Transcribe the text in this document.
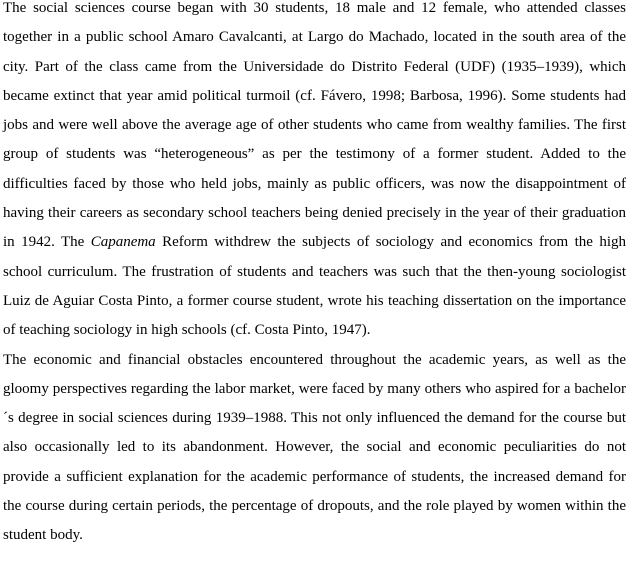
The social sciences course began with 30 students, 18 male and 12 female, who attended classes together in a public school Amaro Cavalcanti, at Largo do Machado, located in the south area of the city. Part of the class came from the Universidade do Distrito Federal (UDF) (1935–1939), which became extinct that year amid political turmoil (cf. Fávero, 1998; Barbosa, 1996). Some students had jobs and were well above the average age of other students who came from wealthy families. The first group of students was “heterogeneous” as per the testimony of a former student. Added to the difficulties faced by those who held jobs, mainly as public officers, was now the disappointment of having their careers as secondary school teachers being denied precisely in the year of their graduation in 1942. The Capanema Reform withdrew the subjects of sociology and economics from the high school curriculum. The frustration of students and teachers was such that the then-young sociologist Luiz de Aguiar Costa Pinto, a former course student, wrote his teaching dissertation on the importance of teaching sociology in high schools (cf. Costa Pinto, 1947).

The economic and financial obstacles encountered throughout the academic years, as well as the gloomy perspectives regarding the labor market, were faced by many others who aspired for a bachelor´s degree in social sciences during 1939–1988. This not only influenced the demand for the course but also occasionally led to its abandonment. However, the social and economic peculiarities do not provide a sufficient explanation for the academic performance of students, the increased demand for the course during certain periods, the percentage of dropouts, and the role played by women within the student body.
